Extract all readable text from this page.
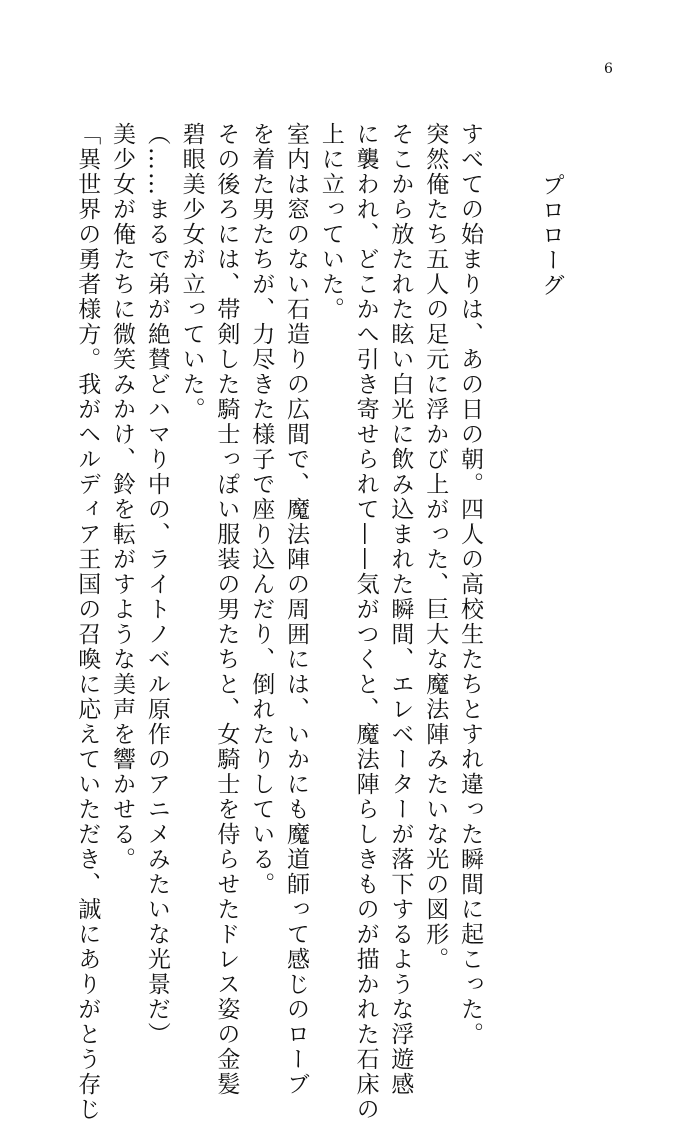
6
プロローグ
すべての始まりは、あの日の朝。四人の高校生たちとすれ違った瞬間に起こった。
突然俺たち五人の足元に浮かび上がった、巨大な魔法陣みたいな光の図形。
そこから放たれた眩い白光に飲み込まれた瞬間、エレベーターが落下するような浮遊感
に襲われ、どこかへ引き寄せられて——気がつくと、魔法陣らしきものが描かれた石床の
上に立っていた。
室内は窓のない石造りの広間で、魔法陣の周囲には、いかにも魔道師って感じのローブ
を着た男たちが、力尽きた様子で座り込んだり、倒れたりしている。
その後ろには、帯剣した騎士っぽい服装の男たちと、女騎士を侍らせたドレス姿の金髪
碧眼美少女が立っていた。
（……まるで弟が絶賛どハマり中の、ライトノベル原作のアニメみたいな光景だ）
美少女が俺たちに微笑みかけ、鈴を転がすような美声を響かせる。
「異世界の勇者様方。我がヘルディア王国の召喚に応えていただき、誠にありがとう存じ
